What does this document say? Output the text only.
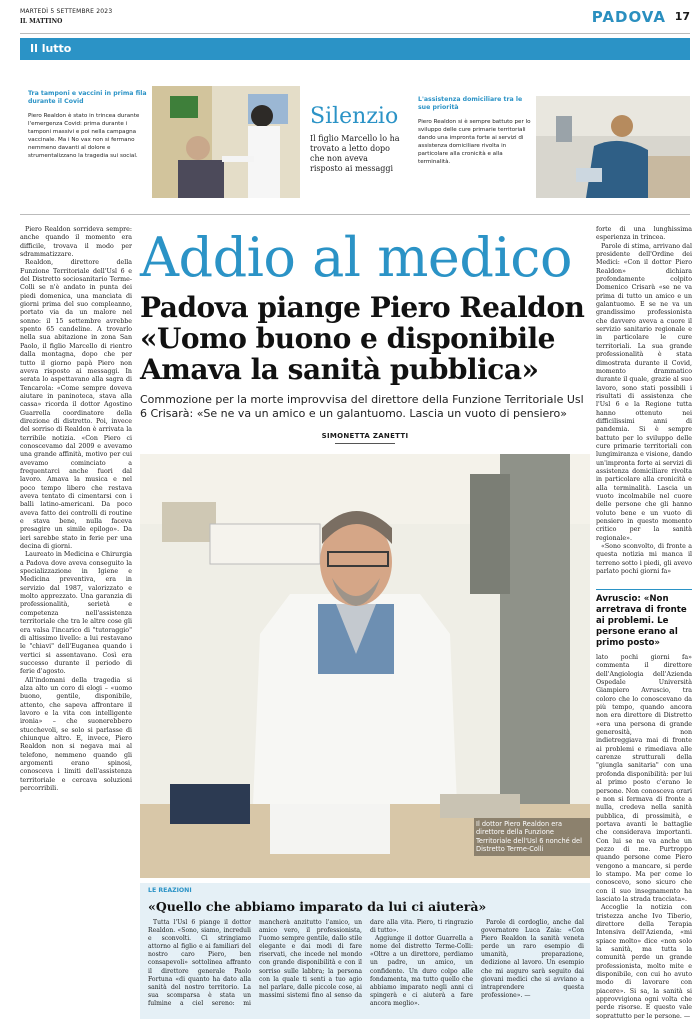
MARTEDÌ 5 SETTEMBRE 2023
IL MATTINO	PADOVA 17
Il lutto
Tra tamponi e vaccini in prima fila durante il Covid
Piero Realdon è stato in trincea durante l'emergenza Covid: prima durante i tamponi massivi e poi nella campagna vaccinale. Ma i No vax non si fermano nemmeno davanti al dolore e strumentalizzano la tragedia sui social.
Silenzio
Il figlio Marcello lo ha trovato a letto dopo che non aveva risposto ai messaggi
L'assistenza domiciliare tra le sue priorità
Piero Realdon si è sempre battuto per lo sviluppo delle cure primarie territoriali dando una impronta forte ai servizi di assistenza domiciliare rivolta in particolare alla cronicità e alla terminalità.

Piero Realdon sorrideva sempre: anche quando il momento era difficile, trovava il modo per sdrammatizzare.

Realdon, direttore della Funzione Territoriale dell'Usl 6 e del Distretto sociosanitario Terme-Colli se n'è andato in punta dei piedi domenica, una manciata di giorni prima del suo compleanno, portato via da un malore nel sonno: il 15 settembre avrebbe spento 65 candeline. A trovarlo nella sua abitazione in zona San Paolo, il figlio Marcello di rientro dalla montagna, dopo che per tutto il giorno papà Piero non aveva risposto ai messaggi. In serata lo aspettavano alla sagra di Tencarola: «Come sempre doveva aiutare in paninoteca, stava alla cassa» ricorda il dottor Agostino Guarrella coordinatore della direzione di distretto. Poi, invece del sorriso di Realdon è arrivata la terribile notizia. «Con Piero ci conoscevamo dal 2009 e avevamo una grande affinità, motivo per cui avevamo cominciato a frequentarci anche fuori dal lavoro. Amava la musica e nel poco tempo libero che restava aveva tentato di cimentarsi con i balli latino-americani. Da poco aveva fatto dei controlli di routine e stava bene, nulla faceva presagire un simile epilogo». Da ieri sarebbe stato in ferie per una decina di giorni.

Laureato in Medicina e Chirurgia a Padova dove aveva conseguito la specializzazione in Igiene e Medicina preventiva, era in servizio dal 1987, valorizzato e molto apprezzato. Una garanzia di professionalità, serietà e competenza nell'assistenza territoriale che tra le altre cose gli era valsa l'incarico di "tutoraggio" di altissimo livello: a lui restavano le "chiavi" dell'Euganea quando i vertici si assentavano. Così era successo durante il periodo di ferie d'agosto.

All'indomani della tragedia si alza alto un coro di elogi – «uomo buono, gentile, disponibile, attento, che sapeva affrontare il lavoro e la vita con intelligente ironia» – che suonerebbero stucchevoli, se solo si parlasse di chiunque altro. E, invece, Piero Realdon non si negava mai al telefono, nemmeno quando gli argomenti erano spinosi, conosceva i limiti dell'assistenza territoriale e cercava soluzioni percorribili.

Addio al medico
Padova piange Piero Realdon
«Uomo buono e disponibile
Amava la sanità pubblica»
Commozione per la morte improvvisa del direttore della Funzione Territoriale Usl 6 Crisarà: «Se ne va un amico e un galantuomo. Lascia un vuoto di pensiero»
SIMONETTA ZANETTI
Il dottor Piero Realdon era direttore della Funzione Territoriale dell'Usl 6 nonché del Distretto Terme-Colli

forte di una lunghissima esperienza in trincea.

Parole di stima, arrivano dal presidente dell'Ordine dei Medici: «Con il dottor Piero Realdon» dichiara profondamente colpito Domenico Crisarà «se ne va prima di tutto un amico e un galantuomo. E se ne va un grandissimo professionista che davvero aveva a cuore il servizio sanitario regionale e in particolare le cure territoriali. La sua grande professionalità è stata dimostrata durante il Covid, momento drammatico durante il quale, grazie al suo lavoro, sono stati possibili i risultati di assistenza che l'Usl 6 e la Regione tutta hanno ottenuto nei difficilissimi anni di pandemia. Si è sempre battuto per lo sviluppo delle cure primarie territoriali con lungimiranza e visione, dando un'impronta forte ai servizi di assistenza domiciliare rivolta in particolare alla cronicità e alla terminalità. Lascia un vuoto incolmabile nel cuore delle persone che gli hanno voluto bene e un vuoto di pensiero in questo momento critico per la sanità regionale».

«Sono sconvolto, di fronte a questa notizia mi manca il terreno sotto i piedi, gli avevo parlato pochi giorni fa»

Avruscio: «Non arretrava di fronte ai problemi. Le persone erano al primo posto»

lato pochi giorni fa» commenta il direttore dell'Angiologia dell'Azienda Ospedale Università Giampiero Avruscio, tra coloro che lo conoscevano da più tempo, quando ancora non era direttore di Distretto «era una persona di grande generosità, non indietreggiava mai di fronte ai problemi e rimediava alle carenze strutturali della "giungla sanitaria" con una profonda disponibilità: per lui al primo posto c'erano le persone. Non conosceva orari e non si fermava di fronte a nulla, credeva nella sanità pubblica, di prossimità, e portava avanti le battaglie che considerava importanti. Con lui se ne va anche un pezzo di me. Purtroppo quando persone come Piero vengono a mancare, si perde lo stampo. Ma per come lo conoscevo, sono sicuro che con il suo insegnamento ha lasciato la strada tracciata».

Accoglie la notizia con tristezza anche Ivo Tiberio, direttore della Terapia Intensiva dell'Azienda, «mi spiace molto» dice «non solo la sanità, ma tutta la comunità perde un grande professionista, molto mite e disponibile, con cui ho avuto modo di lavorare con piacere». Si sa, la sanità si approvvigiona ogni volta che perde risorse. E questo vale soprattutto per le persone. —

LE REAZIONI
«Quello che abbiamo imparato da lui ci aiuterà»

Tutta l'Usl 6 piange il dottor Realdon. «Sono, siamo, increduli e sconvolti. Ci stringiamo attorno al figlio e ai familiari del nostro caro Piero, ben consapevoli» sottolinea affranto il direttore generale Paolo Fortuna «di quanto ha dato alla sanità del nostro territorio. La sua scomparsa è stata un fulmine a ciel sereno: mi mancherà anzitutto l'amico, un amico vero, il professionista, l'uomo sempre gentile, dallo stile elegante e dai modi di fare riservati, che incede nel mondo con grande disponibilità e con il sorriso sulle labbra; la persona con la quale ti senti a tuo agio nel parlare, dalle piccole cose, ai massimi sistemi fino al senso da dare alla vita. Piero, ti ringrazio di tutto».

Aggiunge il dottor Guarrella a nome del distretto Terme-Colli: «Oltre a un direttore, perdiamo un padre, un amico, un confidente. Un duro colpo alle fondamenta, ma tutto quello che abbiamo imparato negli anni ci spingerà e ci aiuterà a fare ancora meglio».

Parole di cordoglio, anche dal governatore Luca Zaia: «Con Piero Realdon la sanità veneta perde un raro esempio di umanità, preparazione, dedizione al lavoro. Un esempio che mi auguro sarà seguito dai giovani medici che si avviano a intraprendere questa professione». —
